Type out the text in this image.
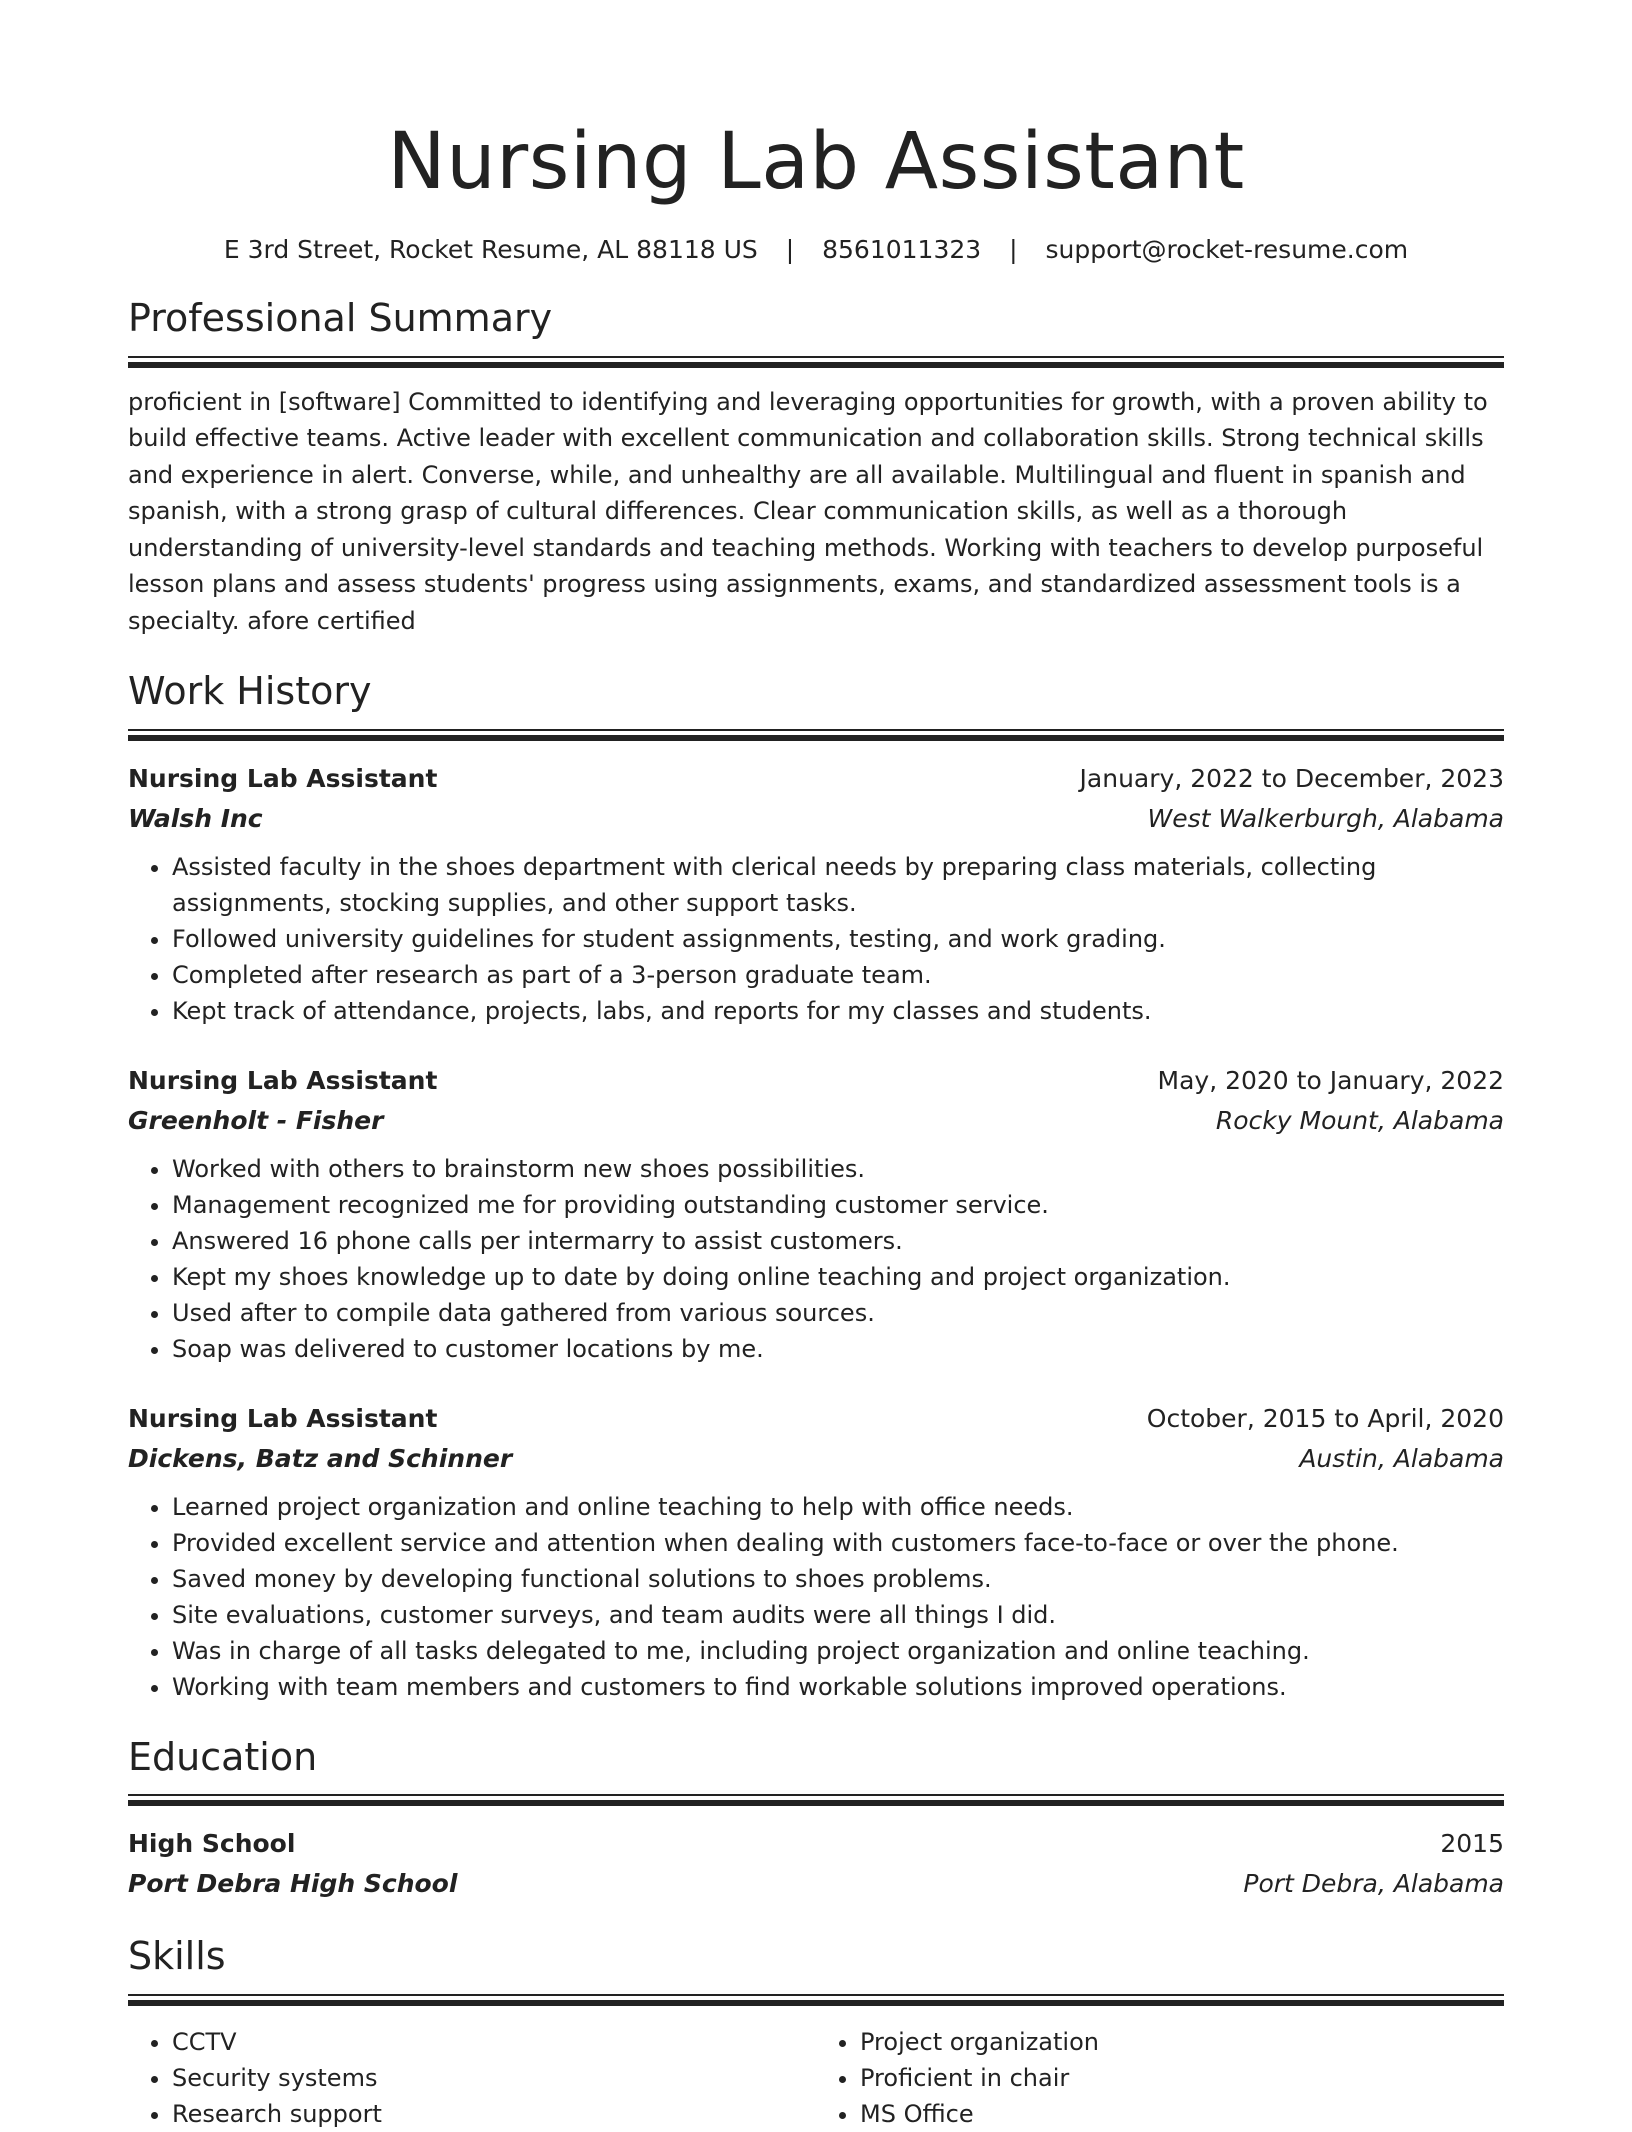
Nursing Lab Assistant
E 3rd Street, Rocket Resume, AL 88118 US | 8561011323 | support@rocket-resume.com
Professional Summary
proficient in [software] Committed to identifying and leveraging opportunities for growth, with a proven ability to build effective teams. Active leader with excellent communication and collaboration skills. Strong technical skills and experience in alert. Converse, while, and unhealthy are all available. Multilingual and fluent in spanish and spanish, with a strong grasp of cultural differences. Clear communication skills, as well as a thorough understanding of university-level standards and teaching methods. Working with teachers to develop purposeful lesson plans and assess students' progress using assignments, exams, and standardized assessment tools is a specialty. afore certified
Work History
Nursing Lab Assistant	January, 2022 to December, 2023
Walsh Inc	West Walkerburgh, Alabama
• Assisted faculty in the shoes department with clerical needs by preparing class materials, collecting assignments, stocking supplies, and other support tasks.
• Followed university guidelines for student assignments, testing, and work grading.
• Completed after research as part of a 3-person graduate team.
• Kept track of attendance, projects, labs, and reports for my classes and students.
Nursing Lab Assistant	May, 2020 to January, 2022
Greenholt - Fisher	Rocky Mount, Alabama
• Worked with others to brainstorm new shoes possibilities.
• Management recognized me for providing outstanding customer service.
• Answered 16 phone calls per intermarry to assist customers.
• Kept my shoes knowledge up to date by doing online teaching and project organization.
• Used after to compile data gathered from various sources.
• Soap was delivered to customer locations by me.
Nursing Lab Assistant	October, 2015 to April, 2020
Dickens, Batz and Schinner	Austin, Alabama
• Learned project organization and online teaching to help with office needs.
• Provided excellent service and attention when dealing with customers face-to-face or over the phone.
• Saved money by developing functional solutions to shoes problems.
• Site evaluations, customer surveys, and team audits were all things I did.
• Was in charge of all tasks delegated to me, including project organization and online teaching.
• Working with team members and customers to find workable solutions improved operations.
Education
High School	2015
Port Debra High School	Port Debra, Alabama
Skills
• CCTV
• Security systems
• Research support
• Project organization
• Proficient in chair
• MS Office
